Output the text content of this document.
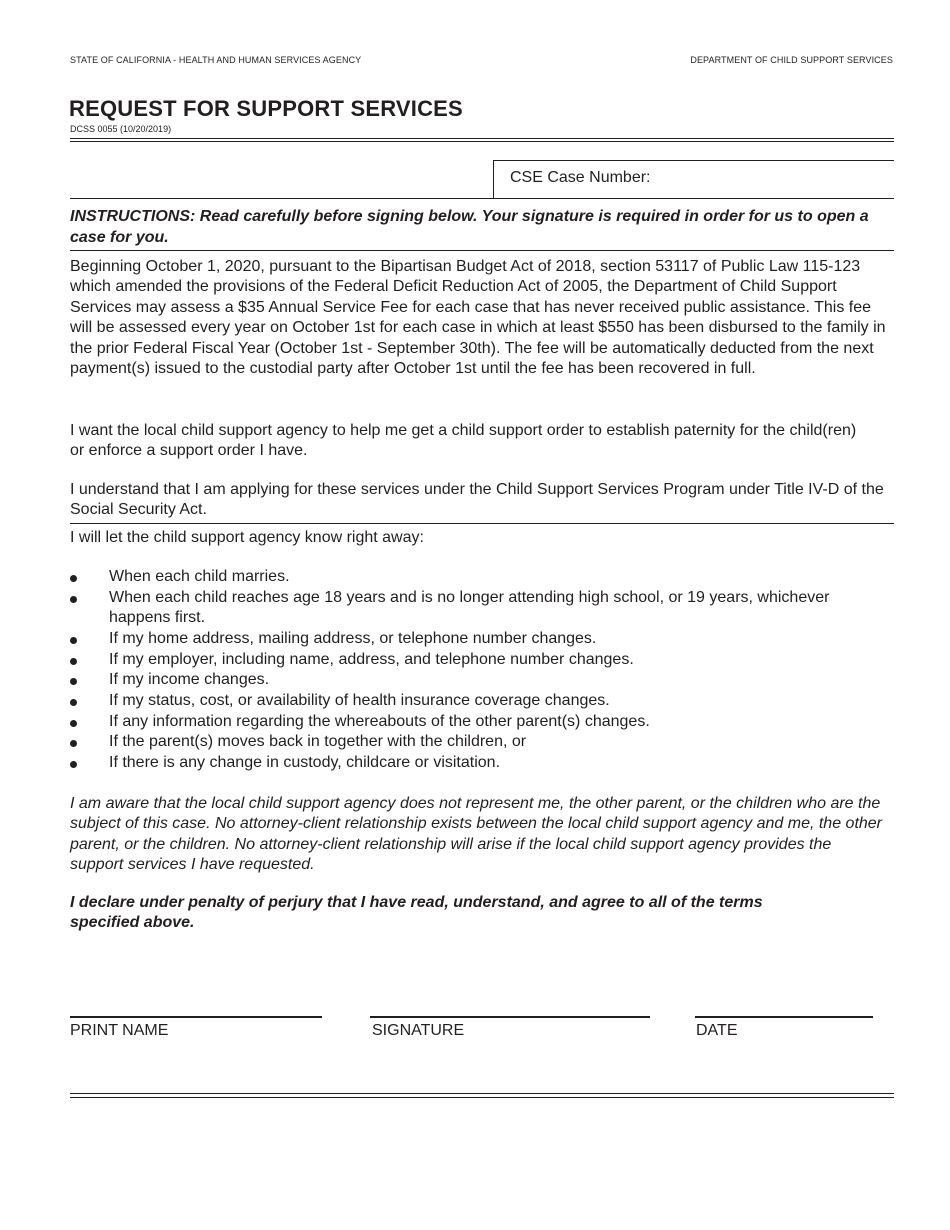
STATE OF CALIFORNIA - HEALTH AND HUMAN SERVICES AGENCY	DEPARTMENT OF CHILD SUPPORT SERVICES
REQUEST FOR SUPPORT SERVICES
DCSS 0055 (10/20/2019)
CSE Case Number:
INSTRUCTIONS: Read carefully before signing below. Your signature is required in order for us to open a case for you.
Beginning October 1, 2020, pursuant to the Bipartisan Budget Act of 2018, section 53117 of Public Law 115-123 which amended the provisions of the Federal Deficit Reduction Act of 2005, the Department of Child Support Services may assess a $35 Annual Service Fee for each case that has never received public assistance. This fee will be assessed every year on October 1st for each case in which at least $550 has been disbursed to the family in the prior Federal Fiscal Year (October 1st - September 30th). The fee will be automatically deducted from the next payment(s) issued to the custodial party after October 1st until the fee has been recovered in full.
I want the local child support agency to help me get a child support order to establish paternity for the child(ren) or enforce a support order I have.
I understand that I am applying for these services under the Child Support Services Program under Title IV-D of the Social Security Act.
I will let the child support agency know right away:
When each child marries.
When each child reaches age 18 years and is no longer attending high school, or 19 years, whichever happens first.
If my home address, mailing address, or telephone number changes.
If my employer, including name, address, and telephone number changes.
If my income changes.
If my status, cost, or availability of health insurance coverage changes.
If any information regarding the whereabouts of the other parent(s) changes.
If the parent(s) moves back in together with the children, or
If there is any change in custody, childcare or visitation.
I am aware that the local child support agency does not represent me, the other parent, or the children who are the subject of this case. No attorney-client relationship exists between the local child support agency and me, the other parent, or the children. No attorney-client relationship will arise if the local child support agency provides the support services I have requested.
I declare under penalty of perjury that I have read, understand, and agree to all of the terms specified above.
PRINT NAME	SIGNATURE	DATE
